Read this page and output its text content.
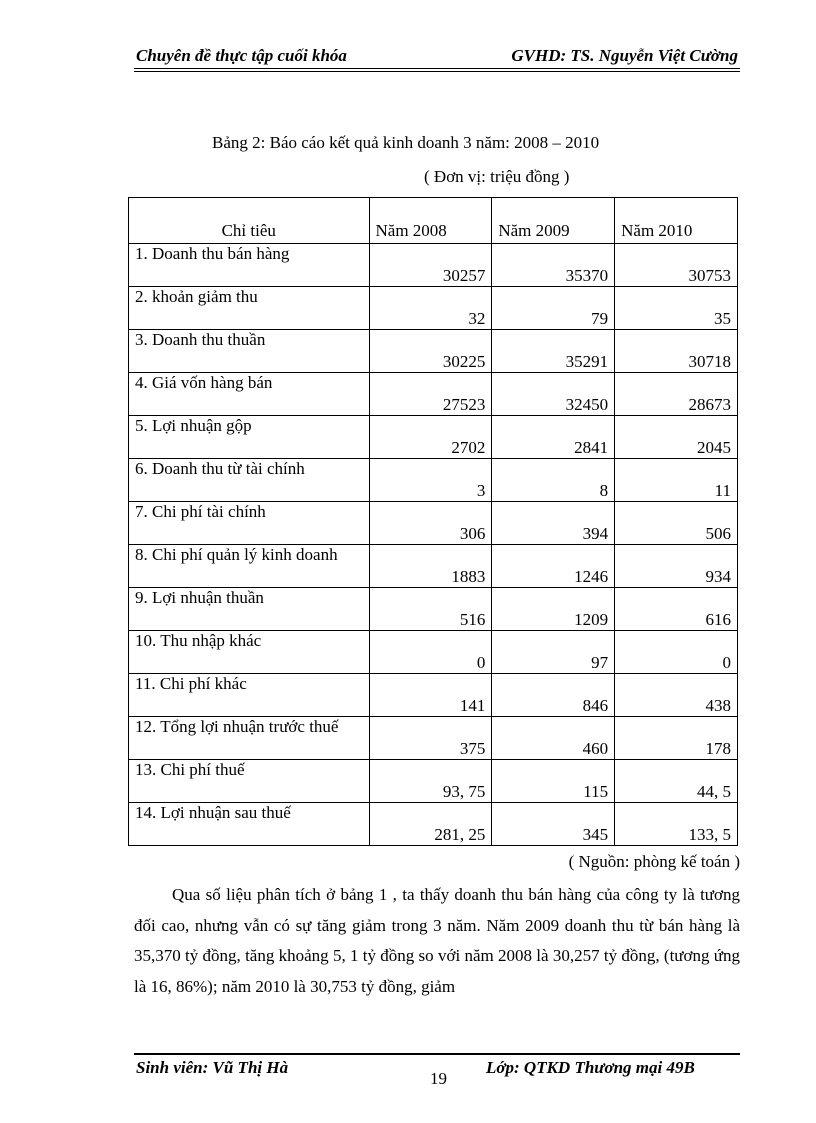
Chuyên đề thực tập cuối khóa	GVHD: TS. Nguyễn Việt Cường
Bảng 2: Báo cáo kết quả kinh doanh 3 năm: 2008 – 2010
( Đơn vị: triệu đồng )
Chỉ tiêu	Năm 2008	Năm 2009	Năm 2010
1. Doanh thu bán hàng	30257	35370	30753
2. khoản giảm thu	32	79	35
3. Doanh thu thuần	30225	35291	30718
4. Giá vốn hàng bán	27523	32450	28673
5. Lợi nhuận gộp	2702	2841	2045
6. Doanh thu từ tài chính	3	8	11
7. Chi phí tài chính	306	394	506
8. Chi phí quản lý kinh doanh	1883	1246	934
9. Lợi nhuận thuần	516	1209	616
10. Thu nhập khác	0	97	0
11. Chi phí khác	141	846	438
12. Tổng lợi nhuận trước thuế	375	460	178
13. Chi phí thuế	93, 75	115	44, 5
14. Lợi nhuận sau thuế	281, 25	345	133, 5
( Nguồn: phòng kế toán )

Qua số liệu phân tích ở bảng 1 , ta thấy doanh thu bán hàng của công ty là tương đối cao, nhưng vẫn có sự tăng giảm trong 3 năm. Năm 2009 doanh thu từ bán hàng là 35,370 tỷ đồng, tăng khoảng 5, 1 tỷ đồng so với năm 2008 là 30,257 tỷ đồng, (tương ứng là 16, 86%); năm 2010 là 30,753 tỷ đồng, giảm

Sinh viên: Vũ Thị Hà	Lớp: QTKD Thương mại 49B
19
